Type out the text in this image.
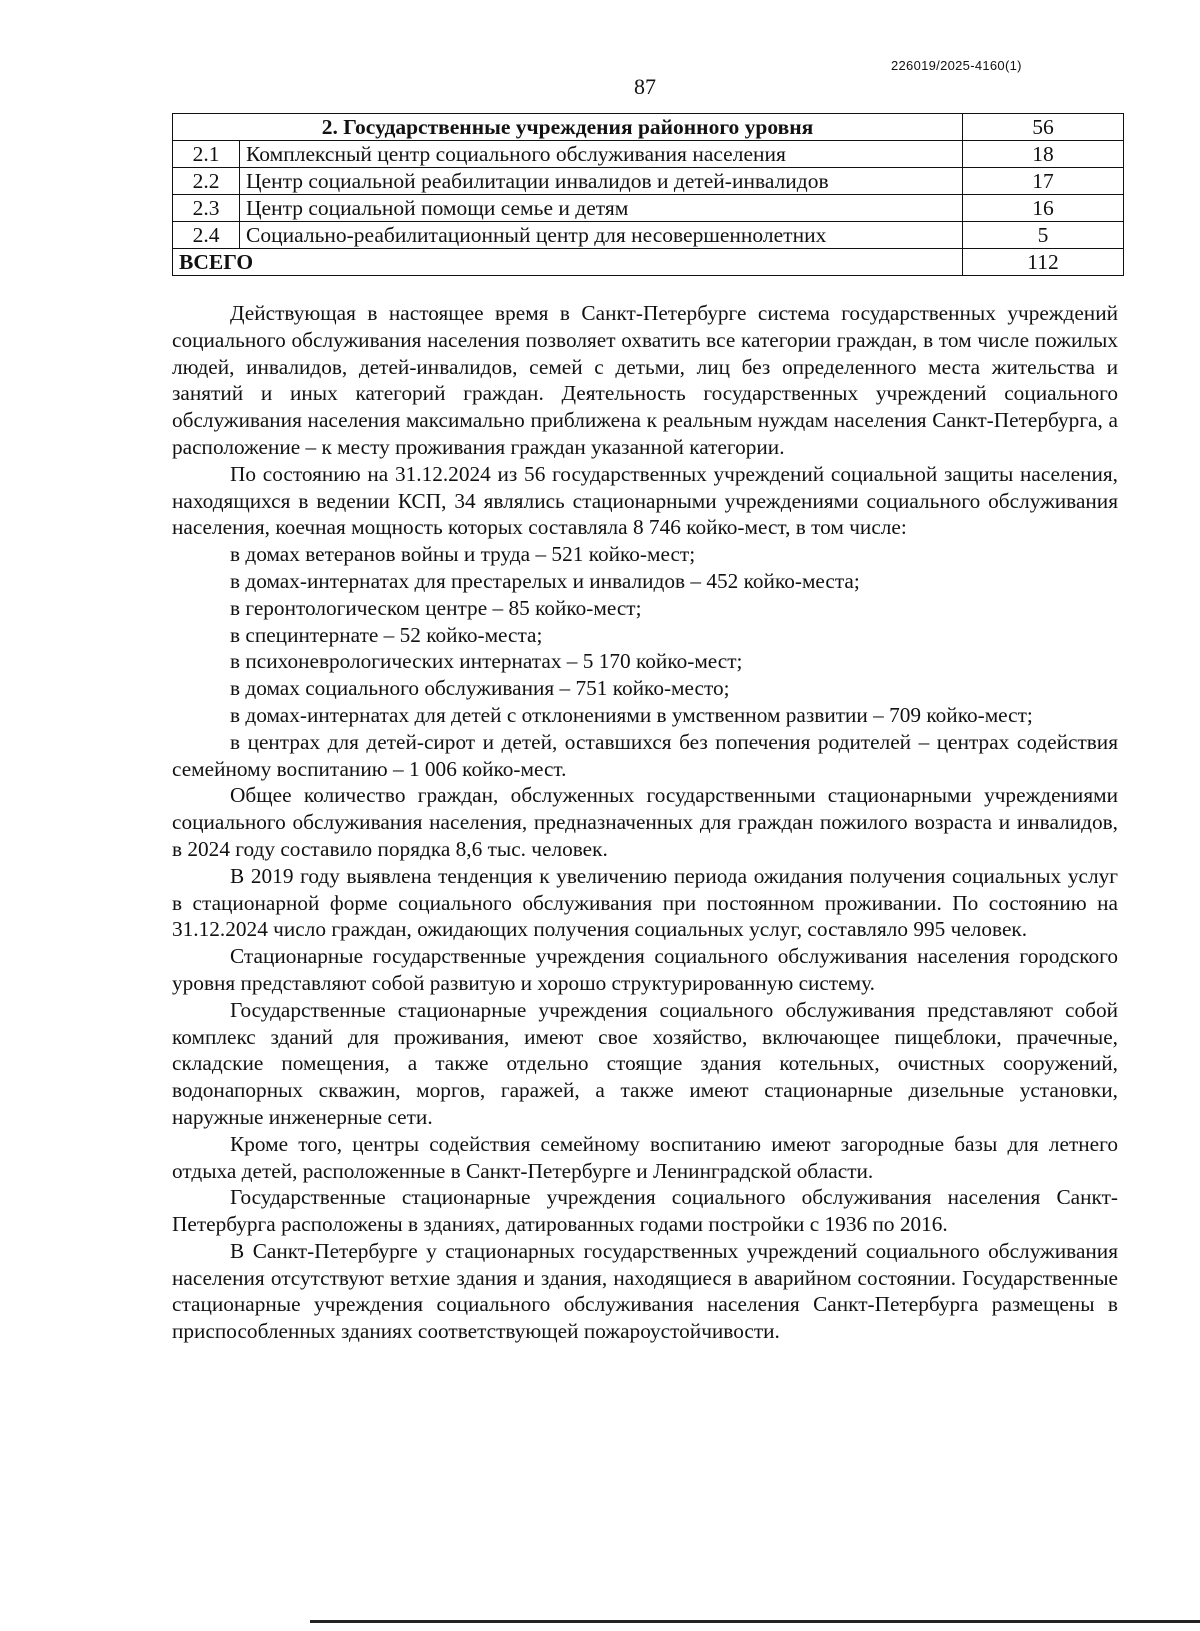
226019/2025-4160(1)
87
2. Государственные учреждения районного уровня		56
2.1	Комплексный центр социального обслуживания населения	18
2.2	Центр социальной реабилитации инвалидов и детей-инвалидов	17
2.3	Центр социальной помощи семье и детям	16
2.4	Социально-реабилитационный центр для несовершеннолетних	5
ВСЕГО		112

Действующая в настоящее время в Санкт-Петербурге система государственных учреждений социального обслуживания населения позволяет охватить все категории граждан, в том числе пожилых людей, инвалидов, детей-инвалидов, семей с детьми, лиц без определенного места жительства и занятий и иных категорий граждан. Деятельность государственных учреждений социального обслуживания населения максимально приближена к реальным нуждам населения Санкт-Петербурга, а расположение – к месту проживания граждан указанной категории.

По состоянию на 31.12.2024 из 56 государственных учреждений социальной защиты населения, находящихся в ведении КСП, 34 являлись стационарными учреждениями социального обслуживания населения, коечная мощность которых составляла 8 746 койко-мест, в том числе:

в домах ветеранов войны и труда – 521 койко-мест;

в домах-интернатах для престарелых и инвалидов – 452 койко-места;

в геронтологическом центре – 85 койко-мест;

в специнтернате – 52 койко-места;

в психоневрологических интернатах – 5 170 койко-мест;

в домах социального обслуживания – 751 койко-место;

в домах-интернатах для детей с отклонениями в умственном развитии – 709 койко-мест;

в центрах для детей-сирот и детей, оставшихся без попечения родителей – центрах содействия семейному воспитанию – 1 006 койко-мест.

Общее количество граждан, обслуженных государственными стационарными учреждениями социального обслуживания населения, предназначенных для граждан пожилого возраста и инвалидов, в 2024 году составило порядка 8,6 тыс. человек.

В 2019 году выявлена тенденция к увеличению периода ожидания получения социальных услуг в стационарной форме социального обслуживания при постоянном проживании. По состоянию на 31.12.2024 число граждан, ожидающих получения социальных услуг, составляло 995 человек.

Стационарные государственные учреждения социального обслуживания населения городского уровня представляют собой развитую и хорошо структурированную систему.

Государственные стационарные учреждения социального обслуживания представляют собой комплекс зданий для проживания, имеют свое хозяйство, включающее пищеблоки, прачечные, складские помещения, а также отдельно стоящие здания котельных, очистных сооружений, водонапорных скважин, моргов, гаражей, а также имеют стационарные дизельные установки, наружные инженерные сети.

Кроме того, центры содействия семейному воспитанию имеют загородные базы для летнего отдыха детей, расположенные в Санкт-Петербурге и Ленинградской области.

Государственные стационарные учреждения социального обслуживания населения Санкт-Петербурга расположены в зданиях, датированных годами постройки с 1936 по 2016.

В Санкт-Петербурге у стационарных государственных учреждений социального обслуживания населения отсутствуют ветхие здания и здания, находящиеся в аварийном состоянии. Государственные стационарные учреждения социального обслуживания населения Санкт-Петербурга размещены в приспособленных зданиях соответствующей пожароустойчивости.
